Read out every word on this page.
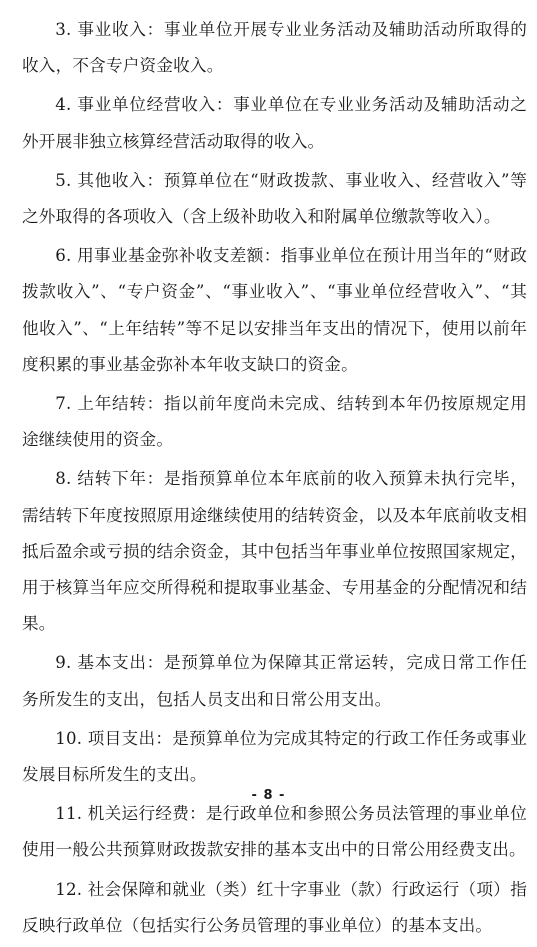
3. 事业收入：事业单位开展专业业务活动及辅助活动所取得的收入，不含专户资金收入。

4. 事业单位经营收入：事业单位在专业业务活动及辅助活动之外开展非独立核算经营活动取得的收入。

5. 其他收入：预算单位在“财政拨款、事业收入、经营收入”等之外取得的各项收入（含上级补助收入和附属单位缴款等收入）。

6. 用事业基金弥补收支差额：指事业单位在预计用当年的“财政拨款收入”、“专户资金”、“事业收入”、“事业单位经营收入”、“其他收入”、“上年结转”等不足以安排当年支出的情况下，使用以前年度积累的事业基金弥补本年收支缺口的资金。

7. 上年结转：指以前年度尚未完成、结转到本年仍按原规定用途继续使用的资金。

8. 结转下年：是指预算单位本年底前的收入预算未执行完毕，需结转下年度按照原用途继续使用的结转资金，以及本年底前收支相抵后盈余或亏损的结余资金，其中包括当年事业单位按照国家规定，用于核算当年应交所得税和提取事业基金、专用基金的分配情况和结果。

9. 基本支出：是预算单位为保障其正常运转，完成日常工作任务所发生的支出，包括人员支出和日常公用支出。

10. 项目支出：是预算单位为完成其特定的行政工作任务或事业发展目标所发生的支出。

11. 机关运行经费：是行政单位和参照公务员法管理的事业单位使用一般公共预算财政拨款安排的基本支出中的日常公用经费支出。

12. 社会保障和就业（类）红十字事业（款）行政运行（项）指反映行政单位（包括实行公务员管理的事业单位）的基本支出。

- 8 -
